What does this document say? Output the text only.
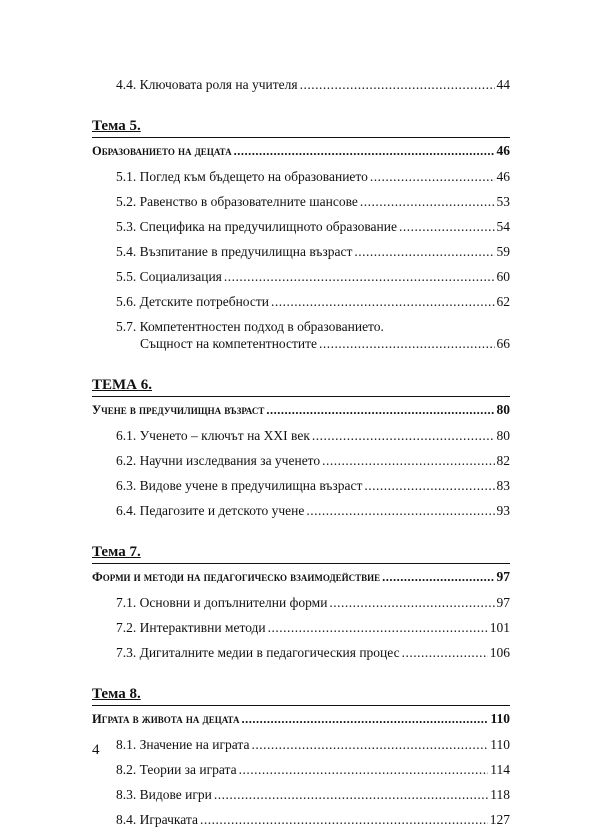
4.4. Ключовата роля на учителя .....	44
Тема 5.
Образованието на децата .....	46
5.1. Поглед към бъдещето на образованието .....	46
5.2. Равенство в образователните шансове .....	53
5.3. Специфика на предучилищното образование .....	54
5.4. Възпитание в предучилищна възраст .....	59
5.5. Социализация .....	60
5.6. Детските потребности .....	62
5.7. Компетентностен подход в образованието.
Същност на компетентностите .....	66
ТЕМА 6.
Учене в предучилищна възраст .....	80
6.1. Ученето – ключът на XXI век .....	80
6.2. Научни изследвания за ученето .....	82
6.3. Видове учене в предучилищна възраст .....	83
6.4. Педагозите и детското учене .....	93
Тема 7.
Форми и методи на педагогическо взаимодействие .....	97
7.1. Основни и допълнителни форми .....	97
7.2. Интерактивни методи .....	101
7.3. Дигиталните медии в педагогическия процес .....	106
Тема 8.
Играта в живота на децата .....	110
8.1. Значение на играта .....	110
8.2. Теории за играта .....	114
8.3. Видове игри .....	118
8.4. Играчката .....	127
4
